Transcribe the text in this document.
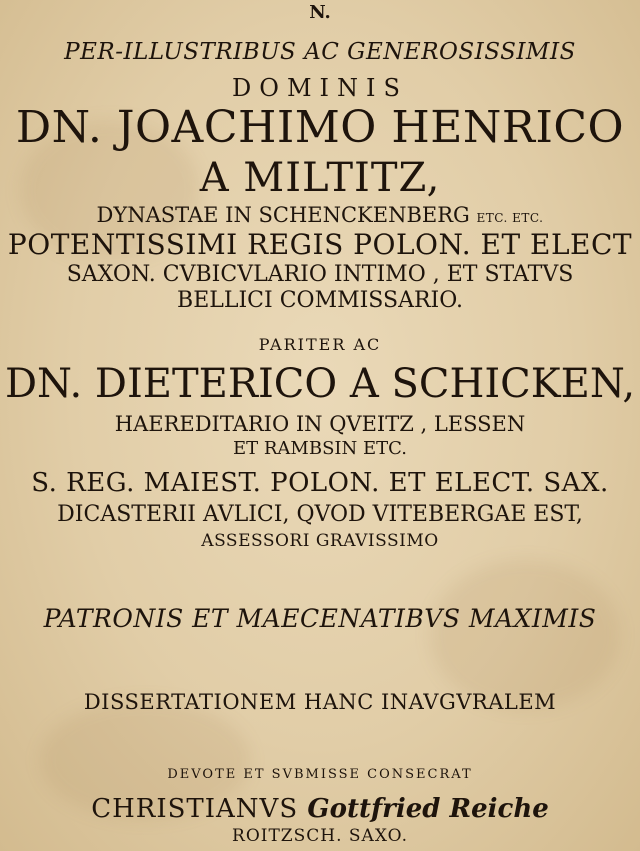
N.
PER-ILLUSTRIBUS AC GENEROSISSIMIS
DOMINIS
DN. JOACHIMO HENRICO
A MILTITZ,
DYNASTAE IN SCHENCKENBERG ETC. ETC.
POTENTISSIMI REGIS POLON. ET ELECT
SAXON. CVBICVLARIO INTIMO , ET STATVS
BELLICI COMMISSARIO.
PARITER AC
DN. DIETERICO A SCHICKEN,
HAEREDITARIO IN QVEITZ , LESSEN
ET RAMBSIN ETC.
S. REG. MAIEST. POLON. ET ELECT. SAX.
DICASTERII AVLICI, QVOD VITEBERGAE EST,
ASSESSORI GRAVISSIMO
PATRONIS ET MAECENATIBVS MAXIMIS
DISSERTATIONEM HANC INAVGVRALEM
DEVOTE ET SVBMISSE CONSECRAT
CHRISTIANVS Gottfried Reiche
ROITZSCH. SAXO.
